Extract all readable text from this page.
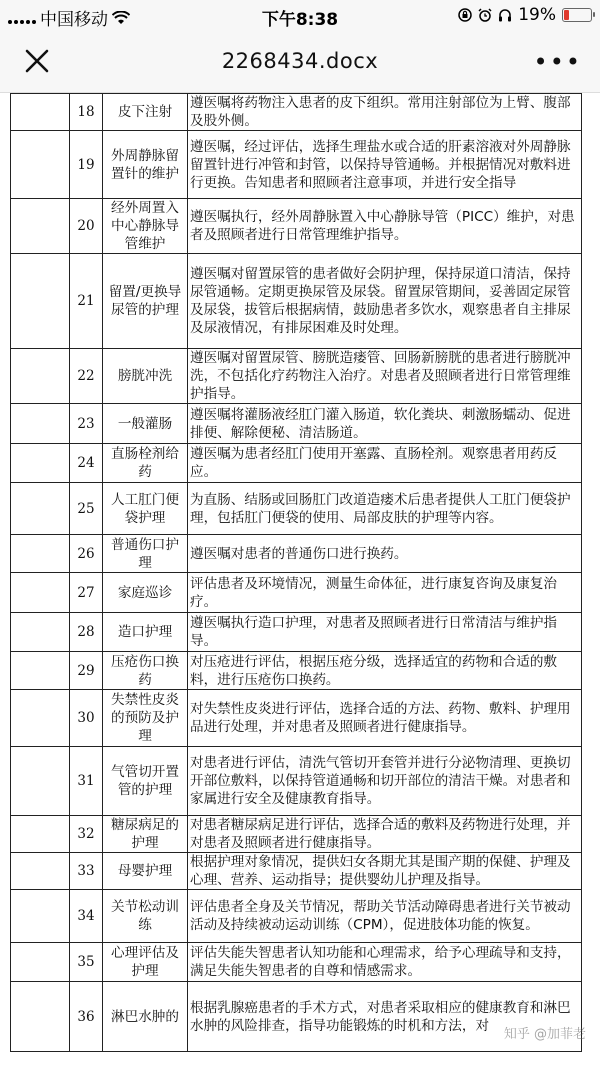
中国移动	下午8:38	19%
2268434.docx	•••
	18	皮下注射	遵医嘱将药物注入患者的皮下组织。常用注射部位为上臂、腹部及股外侧。
	19	外周静脉留置针的维护	遵医嘱，经过评估，选择生理盐水或合适的肝素溶液对外周静脉留置针进行冲管和封管，以保持导管通畅。并根据情况对敷料进行更换。告知患者和照顾者注意事项，并进行安全指导
	20	经外周置入中心静脉导管维护	遵医嘱执行，经外周静脉置入中心静脉导管（PICC）维护，对患者及照顾者进行日常管理维护指导。
	21	留置/更换导尿管的护理	遵医嘱对留置尿管的患者做好会阴护理，保持尿道口清洁，保持尿管通畅。定期更换尿管及尿袋。留置尿管期间，妥善固定尿管及尿袋，拔管后根据病情，鼓励患者多饮水，观察患者自主排尿及尿液情况，有排尿困难及时处理。
	22	膀胱冲洗	遵医嘱对留置尿管、膀胱造瘘管、回肠新膀胱的患者进行膀胱冲洗，不包括化疗药物注入治疗。对患者及照顾者进行日常管理维护指导。
	23	一般灌肠	遵医嘱将灌肠液经肛门灌入肠道，软化粪块、刺激肠蠕动、促进排便、解除便秘、清洁肠道。
	24	直肠栓剂给药	遵医嘱为患者经肛门使用开塞露、直肠栓剂。观察患者用药反应。
	25	人工肛门便袋护理	为直肠、结肠或回肠肛门改道造瘘术后患者提供人工肛门便袋护理，包括肛门便袋的使用、局部皮肤的护理等内容。
	26	普通伤口护理	遵医嘱对患者的普通伤口进行换药。
	27	家庭巡诊	评估患者及环境情况，测量生命体征，进行康复咨询及康复治疗。
	28	造口护理	遵医嘱执行造口护理，对患者及照顾者进行日常清洁与维护指导。
	29	压疮伤口换药	对压疮进行评估，根据压疮分级，选择适宜的药物和合适的敷料，进行压疮伤口换药。
	30	失禁性皮炎的预防及护理	对失禁性皮炎进行评估，选择合适的方法、药物、敷料、护理用品进行处理，并对患者及照顾者进行健康指导。
	31	气管切开置管的护理	对患者进行评估，清洗气管切开套管并进行分泌物清理、更换切开部位敷料，以保持管道通畅和切开部位的清洁干燥。对患者和家属进行安全及健康教育指导。
	32	糖尿病足的护理	对患者糖尿病足进行评估，选择合适的敷料及药物进行处理，并对患者及照顾者进行健康指导。
	33	母婴护理	根据护理对象情况，提供妇女各期尤其是围产期的保健、护理及心理、营养、运动指导；提供婴幼儿护理及指导。
	34	关节松动训练	评估患者全身及关节情况，帮助关节活动障碍患者进行关节被动活动及持续被动运动训练（CPM），促进肢体功能的恢复。
	35	心理评估及护理	评估失能失智患者认知功能和心理需求，给予心理疏导和支持，满足失能失智患者的自尊和情感需求。
	36	淋巴水肿的	根据乳腺癌患者的手术方式，对患者采取相应的健康教育和淋巴水肿的风险排查，指导功能锻炼的时机和方法，对
知乎 @加菲老
